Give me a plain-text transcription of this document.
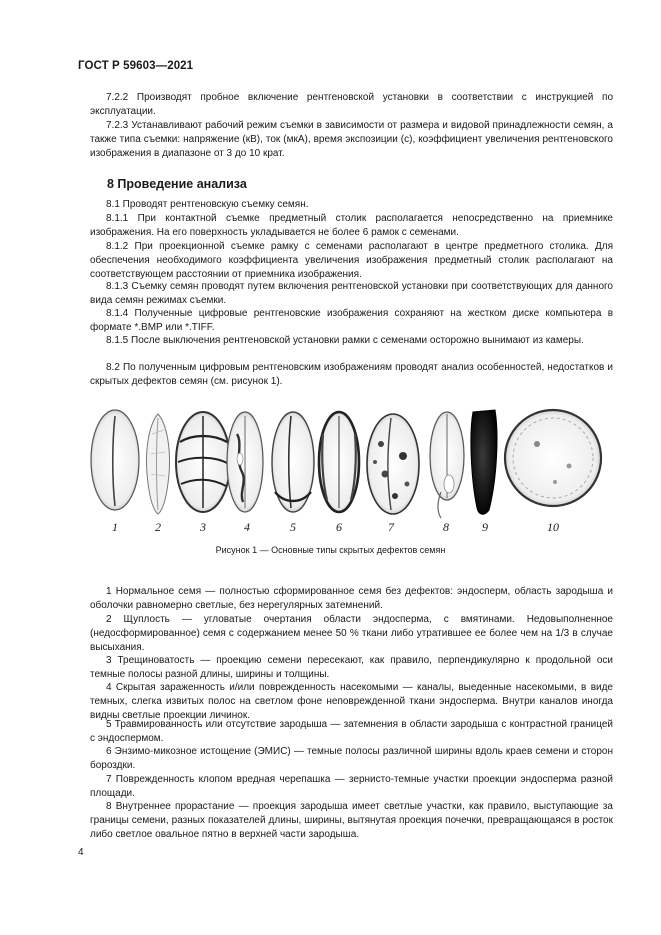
ГОСТ Р 59603—2021
7.2.2 Производят пробное включение рентгеновской установки в соответствии с инструкцией по эксплуатации.
7.2.3 Устанавливают рабочий режим съемки в зависимости от размера и видовой принадлежности семян, а также типа съемки: напряжение (кВ), ток (мкА), время экспозиции (с), коэффициент увеличения рентгеновского изображения в диапазоне от 3 до 10 крат.
8 Проведение анализа
8.1 Проводят рентгеновскую съемку семян.
8.1.1 При контактной съемке предметный столик располагается непосредственно на приемнике изображения. На его поверхность укладывается не более 6 рамок с семенами.
8.1.2 При проекционной съемке рамку с семенами располагают в центре предметного столика. Для обеспечения необходимого коэффициента увеличения изображения предметный столик располагают на соответствующем расстоянии от приемника изображения.
8.1.3 Съемку семян проводят путем включения рентгеновской установки при соответствующих для данного вида семян режимах съемки.
8.1.4 Полученные цифровые рентгеновские изображения сохраняют на жестком диске компьютера в формате *.BMP или *.TIFF.
8.1.5 После выключения рентгеновской установки рамки с семенами осторожно вынимают из камеры.
8.2 По полученным цифровым рентгеновским изображениям проводят анализ особенностей, недостатков и скрытых дефектов семян (см. рисунок 1).
1	2	3	4	5	6	7	8	9	10
Рисунок 1 — Основные типы скрытых дефектов семян
1 Нормальное семя — полностью сформированное семя без дефектов: эндосперм, область зародыша и оболочки равномерно светлые, без нерегулярных затемнений.
2 Щуплость — угловатые очертания области эндосперма, с вмятинами. Недовыполненное (недосформированное) семя с содержанием менее 50 % ткани либо утратившее ее более чем на 1/3 в случае высыхания.
3 Трещиноватость — проекцию семени пересекают, как правило, перпендикулярно к продольной оси темные полосы разной длины, ширины и толщины.
4 Скрытая зараженность и/или поврежденность насекомыми — каналы, выеденные насекомыми, в виде темных, слегка извитых полос на светлом фоне неповрежденной ткани эндосперма. Внутри каналов иногда видны светлые проекции личинок.
5 Травмированность или отсутствие зародыша — затемнения в области зародыша с контрастной границей с эндоспермом.
6 Энзимо-микозное истощение (ЭМИС) — темные полосы различной ширины вдоль краев семени и сторон бороздки.
7 Поврежденность клопом вредная черепашка — зернисто-темные участки проекции эндосперма разной площади.
8 Внутреннее прорастание — проекция зародыша имеет светлые участки, как правило, выступающие за границы семени, разных показателей длины, ширины, вытянутая проекция почечки, превращающаяся в росток либо светлое овальное пятно в верхней части зародыша.
4
